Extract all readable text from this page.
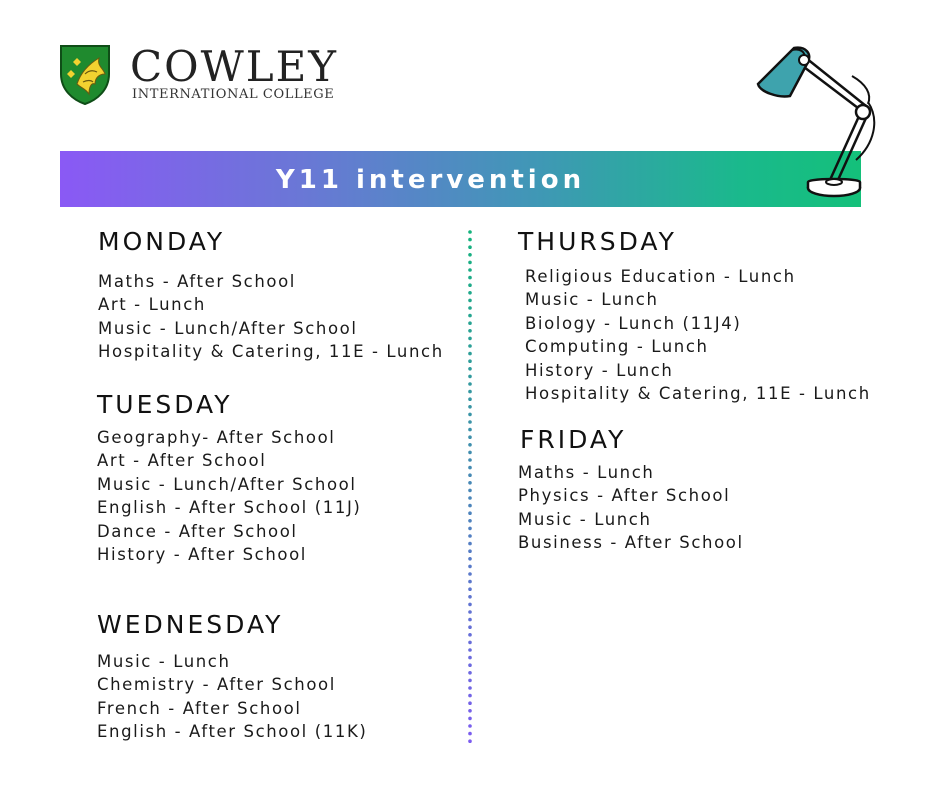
COWLEY
INTERNATIONAL COLLEGE
Y11 intervention
MONDAY
Maths - After School
Art - Lunch
Music - Lunch/After School
Hospitality & Catering, 11E - Lunch
TUESDAY
Geography- After School
Art - After School
Music - Lunch/After School
English - After School (11J)
Dance - After School
History - After School
WEDNESDAY
Music - Lunch
Chemistry - After School
French - After School
English - After School (11K)
THURSDAY
Religious Education - Lunch
Music - Lunch
Biology - Lunch (11J4)
Computing - Lunch
History - Lunch
Hospitality & Catering, 11E - Lunch
FRIDAY
Maths - Lunch
Physics - After School
Music - Lunch
Business - After School
